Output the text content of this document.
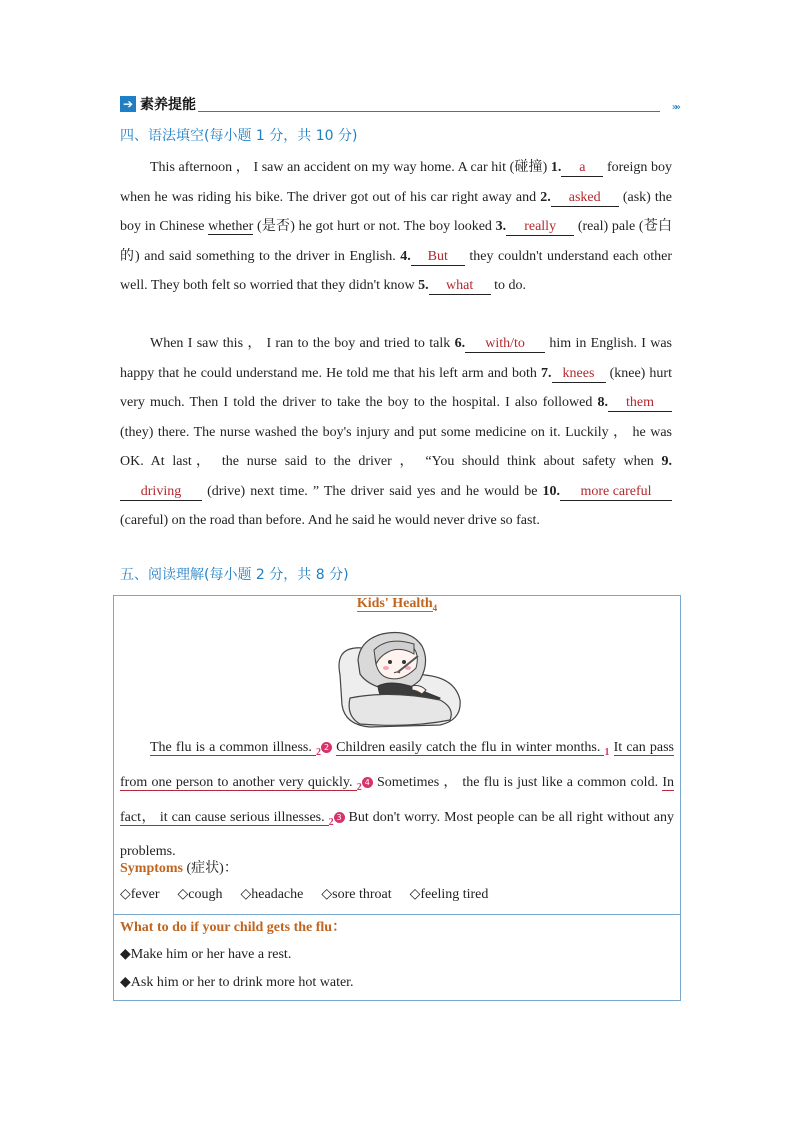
➔ 素养提能	»»
四、语法填空(每小题 1 分，共 10 分)
This afternoon ， I saw an accident on my way home. A car hit (碰撞) 1. a foreign boy when he was riding his bike. The driver got out of his car right away and 2. asked (ask) the boy in Chinese whether (是否) he got hurt or not. The boy looked 3. really (real) pale (苍白的) and said something to the driver in English. 4. But they couldn't understand each other well. They both felt so worried that they didn't know 5. what to do.
When I saw this ， I ran to the boy and tried to talk 6. with/to him in English. I was happy that he could understand me. He told me that his left arm and both 7. knees (knee) hurt very much. Then I told the driver to take the boy to the hospital. I also followed 8. them (they) there. The nurse washed the boy's injury and put some medicine on it. Luckily ， he was OK. At last， the nurse said to the driver ， “You should think about safety when 9.driving (drive) next time. ” The driver said yes and he would be 10. more careful (careful) on the road than before. And he said he would never drive so fast.
五、阅读理解(每小题 2 分，共 8 分)
Kids' Health$_4$
The flu is a common illness. $_2$ 2 Children easily catch the flu in winter months. $_1$ It can pass from one person to another very quickly. $_2$ 4 Sometimes ， the flu is just like a common cold. In fact， it can cause serious illnesses. $_2$ 3 But don't worry. Most people can be all right without any problems.
Symptoms (症状)：
◇fever ◇cough ◇headache ◇sore throat ◇feeling tired
What to do if your child gets the flu：
◆Make him or her have a rest.
◆Ask him or her to drink more hot water.
